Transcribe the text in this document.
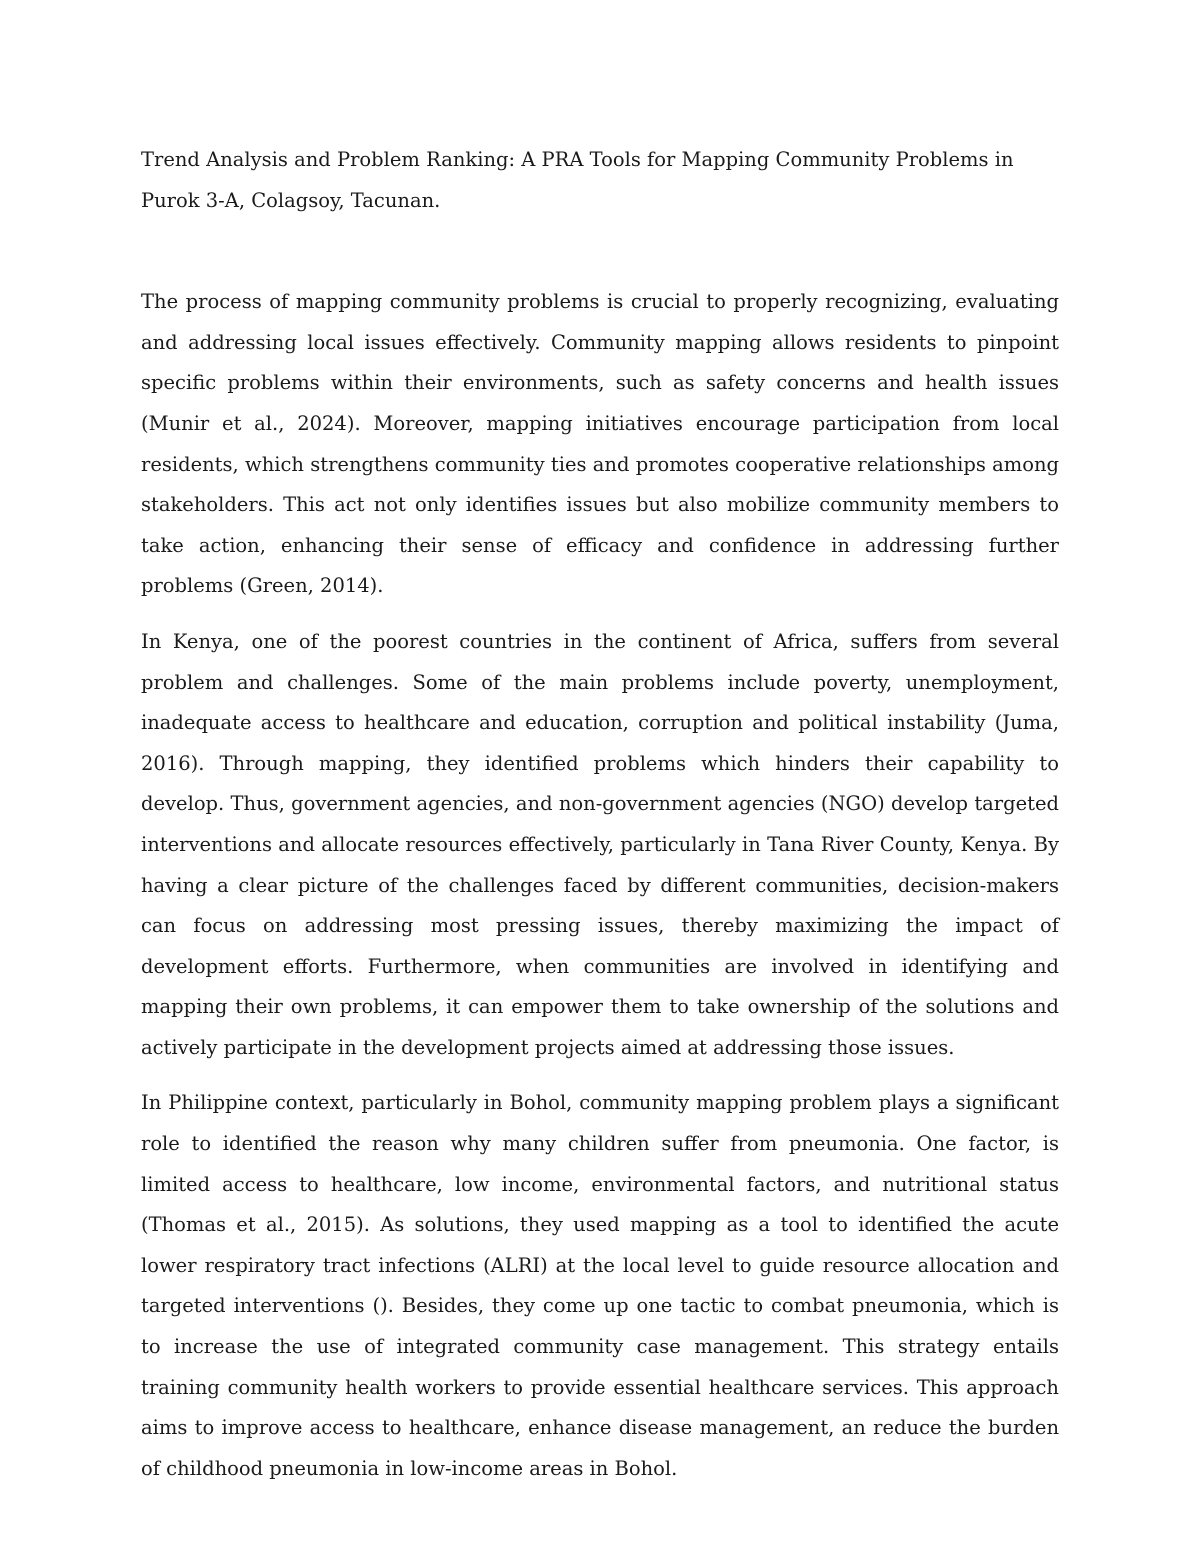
Trend Analysis and Problem Ranking: A PRA Tools for Mapping Community Problems in Purok 3-A, Colagsoy, Tacunan.

The process of mapping community problems is crucial to properly recognizing, evaluating and addressing local issues effectively. Community mapping allows residents to pinpoint specific problems within their environments, such as safety concerns and health issues (Munir et al., 2024). Moreover, mapping initiatives encourage participation from local residents, which strengthens community ties and promotes cooperative relationships among stakeholders. This act not only identifies issues but also mobilize community members to take action, enhancing their sense of efficacy and confidence in addressing further problems (Green, 2014).

In Kenya, one of the poorest countries in the continent of Africa, suffers from several problem and challenges. Some of the main problems include poverty, unemployment, inadequate access to healthcare and education, corruption and political instability (Juma, 2016). Through mapping, they identified problems which hinders their capability to develop. Thus, government agencies, and non-government agencies (NGO) develop targeted interventions and allocate resources effectively, particularly in Tana River County, Kenya. By having a clear picture of the challenges faced by different communities, decision-makers can focus on addressing most pressing issues, thereby maximizing the impact of development efforts. Furthermore, when communities are involved in identifying and mapping their own problems, it can empower them to take ownership of the solutions and actively participate in the development projects aimed at addressing those issues.

In Philippine context, particularly in Bohol, community mapping problem plays a significant role to identified the reason why many children suffer from pneumonia. One factor, is limited access to healthcare, low income, environmental factors, and nutritional status (Thomas et al., 2015). As solutions, they used mapping as a tool to identified the acute lower respiratory tract infections (ALRI) at the local level to guide resource allocation and targeted interventions (). Besides, they come up one tactic to combat pneumonia, which is to increase the use of integrated community case management. This strategy entails training community health workers to provide essential healthcare services. This approach aims to improve access to healthcare, enhance disease management, an reduce the burden of childhood pneumonia in low-income areas in Bohol.
